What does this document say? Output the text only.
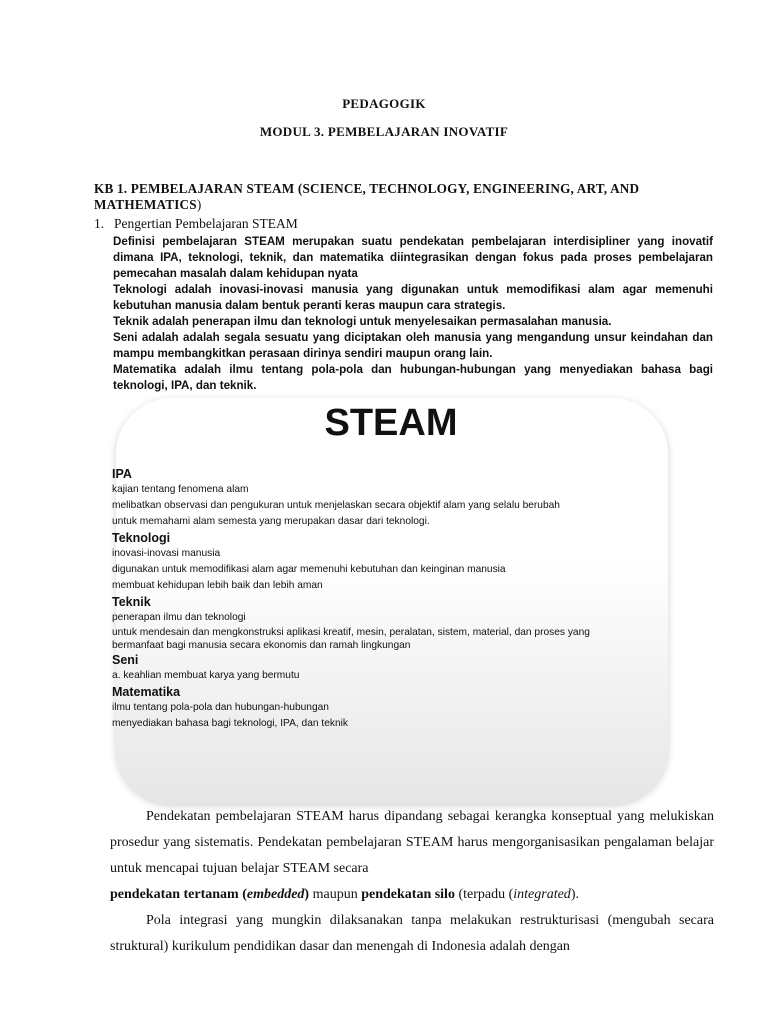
PEDAGOGIK
MODUL 3. PEMBELAJARAN INOVATIF
KB 1. PEMBELAJARAN STEAM (SCIENCE, TECHNOLOGY, ENGINEERING, ART, AND MATHEMATICS)
1. Pengertian Pembelajaran STEAM

Definisi pembelajaran STEAM merupakan suatu pendekatan pembelajaran interdisipliner yang inovatif dimana IPA, teknologi, teknik, dan matematika diintegrasikan dengan fokus pada proses pembelajaran pemecahan masalah dalam kehidupan nyata

Teknologi adalah inovasi-inovasi manusia yang digunakan untuk memodifikasi alam agar memenuhi kebutuhan manusia dalam bentuk peranti keras maupun cara strategis.

Teknik adalah penerapan ilmu dan teknologi untuk menyelesaikan permasalahan manusia.

Seni adalah adalah segala sesuatu yang diciptakan oleh manusia yang mengandung unsur keindahan dan mampu membangkitkan perasaan dirinya sendiri maupun orang lain.

Matematika adalah ilmu tentang pola-pola dan hubungan-hubungan yang menyediakan bahasa bagi teknologi, IPA, dan teknik.

STEAM

IPA

kajian tentang fenomena alam

melibatkan observasi dan pengukuran untuk menjelaskan secara objektif alam yang selalu berubah

untuk memahami alam semesta yang merupakan dasar dari teknologi.

Teknologi

inovasi-inovasi manusia

digunakan untuk memodifikasi alam agar memenuhi kebutuhan dan keinginan manusia

membuat kehidupan lebih baik dan lebih aman

Teknik

penerapan ilmu dan teknologi

untuk mendesain dan mengkonstruksi aplikasi kreatif, mesin, peralatan, sistem, material, dan proses yang

bermanfaat bagi manusia secara ekonomis dan ramah lingkungan

Seni

a. keahlian membuat karya yang bermutu

Matematika

ilmu tentang pola-pola dan hubungan-hubungan

menyediakan bahasa bagi teknologi, IPA, dan teknik

Pendekatan pembelajaran STEAM harus dipandang sebagai kerangka konseptual yang melukiskan prosedur yang sistematis. Pendekatan pembelajaran STEAM harus mengorganisasikan pengalaman belajar untuk mencapai tujuan belajar STEAM secara

pendekatan tertanam (embedded) maupun pendekatan silo (terpadu (integrated).

Pola integrasi yang mungkin dilaksanakan tanpa melakukan restrukturisasi (mengubah secara struktural) kurikulum pendidikan dasar dan menengah di Indonesia adalah dengan
